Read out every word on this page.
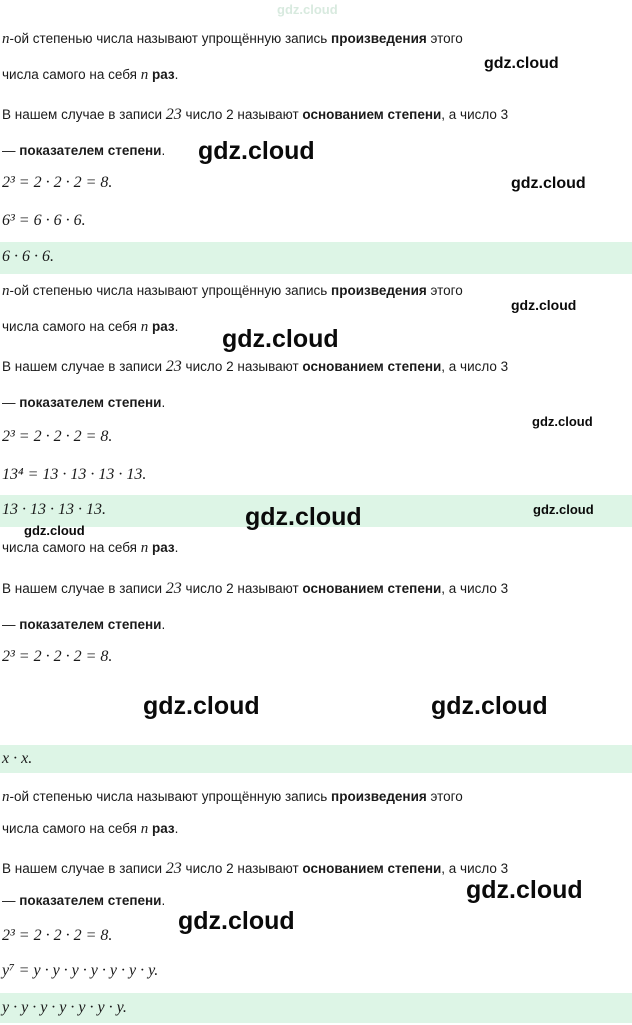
n-ой степенью числа называют упрощённую запись произведения этого
числа самого на себя n раз.
В нашем случае в записи 23 число 2 называют основанием степени, а число 3
— показателем степени.
2³ = 2 · 2 · 2 = 8.
6³ = 6 · 6 · 6.
6 · 6 · 6.
n-ой степенью числа называют упрощённую запись произведения этого
числа самого на себя n раз.
В нашем случае в записи 23 число 2 называют основанием степени, а число 3
— показателем степени.
2³ = 2 · 2 · 2 = 8.
13⁴ = 13 · 13 · 13 · 13.
13 · 13 · 13 · 13.
числа самого на себя n раз.
В нашем случае в записи 23 число 2 называют основанием степени, а число 3
— показателем степени.
2³ = 2 · 2 · 2 = 8.
x · x.
n-ой степенью числа называют упрощённую запись произведения этого
числа самого на себя n раз.
В нашем случае в записи 23 число 2 называют основанием степени, а число 3
— показателем степени.
2³ = 2 · 2 · 2 = 8.
y⁷ = y · y · y · y · y · y · y.
y · y · y · y · y · y · y.
gdz.cloud
gdz.cloud
gdz.cloud
gdz.cloud
gdz.cloud
gdz.cloud
gdz.cloud
gdz.cloud
gdz.cloud
gdz.cloud
gdz.cloud	gdz.cloud
gdz.cloud
gdz.cloud
